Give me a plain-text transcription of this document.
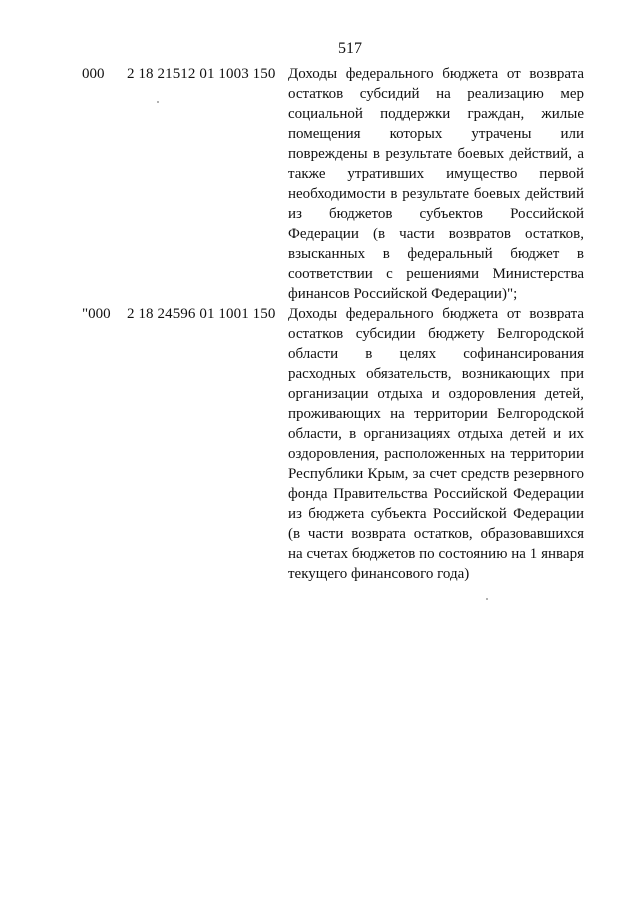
517
000 2 18 21512 01 1003 150 Доходы федерального бюджета от возврата
остатков субсидий на реализацию мер
социальной поддержки граждан, жилые
помещения которых утрачены или
повреждены в результате боевых действий, а
также утративших имущество первой
необходимости в результате боевых действий
из бюджетов субъектов Российской
Федерации (в части возвратов остатков,
взысканных в федеральный бюджет в
соответствии с решениями Министерства
финансов Российской Федерации)";
"000 2 18 24596 01 1001 150 Доходы федерального бюджета от возврата
остатков субсидии бюджету Белгородской
области в целях софинансирования
расходных обязательств, возникающих при
организации отдыха и оздоровления детей,
проживающих на территории Белгородской
области, в организациях отдыха детей и их
оздоровления, расположенных на территории
Республики Крым, за счет средств резервного
фонда Правительства Российской Федерации
из бюджета субъекта Российской Федерации
(в части возврата остатков, образовавшихся
на счетах бюджетов по состоянию на 1 января
текущего финансового года)
